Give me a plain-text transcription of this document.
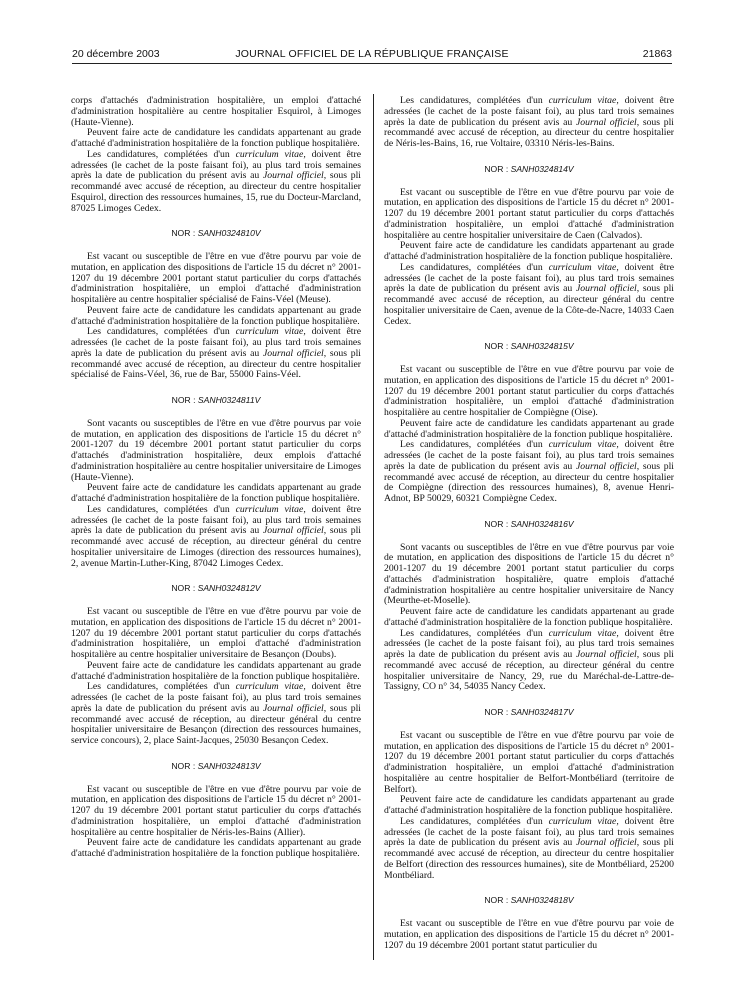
20 décembre 2003	JOURNAL OFFICIEL DE LA RÉPUBLIQUE FRANÇAISE	21863

corps d'attachés d'administration hospitalière, un emploi d'attaché d'administration hospitalière au centre hospitalier Esquirol, à Limoges (Haute-Vienne).

Peuvent faire acte de candidature les candidats appartenant au grade d'attaché d'administration hospitalière de la fonction publique hospitalière.

Les candidatures, complétées d'un curriculum vitae, doivent être adressées (le cachet de la poste faisant foi), au plus tard trois semaines après la date de publication du présent avis au Journal officiel, sous pli recommandé avec accusé de réception, au directeur du centre hospitalier Esquirol, direction des ressources humaines, 15, rue du Docteur-Marcland, 87025 Limoges Cedex.

NOR : SANH0324810V

Est vacant ou susceptible de l'être en vue d'être pourvu par voie de mutation, en application des dispositions de l'article 15 du décret n° 2001-1207 du 19 décembre 2001 portant statut particulier du corps d'attachés d'administration hospitalière, un emploi d'attaché d'administration hospitalière au centre hospitalier spécialisé de Fains-Véel (Meuse).

Peuvent faire acte de candidature les candidats appartenant au grade d'attaché d'administration hospitalière de la fonction publique hospitalière.

Les candidatures, complétées d'un curriculum vitae, doivent être adressées (le cachet de la poste faisant foi), au plus tard trois semaines après la date de publication du présent avis au Journal officiel, sous pli recommandé avec accusé de réception, au directeur du centre hospitalier spécialisé de Fains-Véel, 36, rue de Bar, 55000 Fains-Véel.

NOR : SANH0324811V

Sont vacants ou susceptibles de l'être en vue d'être pourvus par voie de mutation, en application des dispositions de l'article 15 du décret n° 2001-1207 du 19 décembre 2001 portant statut particulier du corps d'attachés d'administration hospitalière, deux emplois d'attaché d'administration hospitalière au centre hospitalier universitaire de Limoges (Haute-Vienne).

Peuvent faire acte de candidature les candidats appartenant au grade d'attaché d'administration hospitalière de la fonction publique hospitalière.

Les candidatures, complétées d'un curriculum vitae, doivent être adressées (le cachet de la poste faisant foi), au plus tard trois semaines après la date de publication du présent avis au Journal officiel, sous pli recommandé avec accusé de réception, au directeur général du centre hospitalier universitaire de Limoges (direction des ressources humaines), 2, avenue Martin-Luther-King, 87042 Limoges Cedex.

NOR : SANH0324812V

Est vacant ou susceptible de l'être en vue d'être pourvu par voie de mutation, en application des dispositions de l'article 15 du décret n° 2001-1207 du 19 décembre 2001 portant statut particulier du corps d'attachés d'administration hospitalière, un emploi d'attaché d'administration hospitalière au centre hospitalier universitaire de Besançon (Doubs).

Peuvent faire acte de candidature les candidats appartenant au grade d'attaché d'administration hospitalière de la fonction publique hospitalière.

Les candidatures, complétées d'un curriculum vitae, doivent être adressées (le cachet de la poste faisant foi), au plus tard trois semaines après la date de publication du présent avis au Journal officiel, sous pli recommandé avec accusé de réception, au directeur général du centre hospitalier universitaire de Besançon (direction des ressources humaines, service concours), 2, place Saint-Jacques, 25030 Besançon Cedex.

NOR : SANH0324813V

Est vacant ou susceptible de l'être en vue d'être pourvu par voie de mutation, en application des dispositions de l'article 15 du décret n° 2001-1207 du 19 décembre 2001 portant statut particulier du corps d'attachés d'administration hospitalière, un emploi d'attaché d'administration hospitalière au centre hospitalier de Néris-les-Bains (Allier).

Peuvent faire acte de candidature les candidats appartenant au grade d'attaché d'administration hospitalière de la fonction publique hospitalière.

Les candidatures, complétées d'un curriculum vitae, doivent être adressées (le cachet de la poste faisant foi), au plus tard trois semaines après la date de publication du présent avis au Journal officiel, sous pli recommandé avec accusé de réception, au directeur du centre hospitalier de Néris-les-Bains, 16, rue Voltaire, 03310 Néris-les-Bains.

NOR : SANH0324814V

Est vacant ou susceptible de l'être en vue d'être pourvu par voie de mutation, en application des dispositions de l'article 15 du décret n° 2001-1207 du 19 décembre 2001 portant statut particulier du corps d'attachés d'administration hospitalière, un emploi d'attaché d'administration hospitalière au centre hospitalier universitaire de Caen (Calvados).

Peuvent faire acte de candidature les candidats appartenant au grade d'attaché d'administration hospitalière de la fonction publique hospitalière.

Les candidatures, complétées d'un curriculum vitae, doivent être adressées (le cachet de la poste faisant foi), au plus tard trois semaines après la date de publication du présent avis au Journal officiel, sous pli recommandé avec accusé de réception, au directeur général du centre hospitalier universitaire de Caen, avenue de la Côte-de-Nacre, 14033 Caen Cedex.

NOR : SANH0324815V

Est vacant ou susceptible de l'être en vue d'être pourvu par voie de mutation, en application des dispositions de l'article 15 du décret n° 2001-1207 du 19 décembre 2001 portant statut particulier du corps d'attachés d'administration hospitalière, un emploi d'attaché d'administration hospitalière au centre hospitalier de Compiègne (Oise).

Peuvent faire acte de candidature les candidats appartenant au grade d'attaché d'administration hospitalière de la fonction publique hospitalière.

Les candidatures, complétées d'un curriculum vitae, doivent être adressées (le cachet de la poste faisant foi), au plus tard trois semaines après la date de publication du présent avis au Journal officiel, sous pli recommandé avec accusé de réception, au directeur du centre hospitalier de Compiègne (direction des ressources humaines), 8, avenue Henri-Adnot, BP 50029, 60321 Compiègne Cedex.

NOR : SANH0324816V

Sont vacants ou susceptibles de l'être en vue d'être pourvus par voie de mutation, en application des dispositions de l'article 15 du décret n° 2001-1207 du 19 décembre 2001 portant statut particulier du corps d'attachés d'administration hospitalière, quatre emplois d'attaché d'administration hospitalière au centre hospitalier universitaire de Nancy (Meurthe-et-Moselle).

Peuvent faire acte de candidature les candidats appartenant au grade d'attaché d'administration hospitalière de la fonction publique hospitalière.

Les candidatures, complétées d'un curriculum vitae, doivent être adressées (le cachet de la poste faisant foi), au plus tard trois semaines après la date de publication du présent avis au Journal officiel, sous pli recommandé avec accusé de réception, au directeur général du centre hospitalier universitaire de Nancy, 29, rue du Maréchal-de-Lattre-de-Tassigny, CO n° 34, 54035 Nancy Cedex.

NOR : SANH0324817V

Est vacant ou susceptible de l'être en vue d'être pourvu par voie de mutation, en application des dispositions de l'article 15 du décret n° 2001-1207 du 19 décembre 2001 portant statut particulier du corps d'attachés d'administration hospitalière, un emploi d'attaché d'administration hospitalière au centre hospitalier de Belfort-Montbéliard (territoire de Belfort).

Peuvent faire acte de candidature les candidats appartenant au grade d'attaché d'administration hospitalière de la fonction publique hospitalière.

Les candidatures, complétées d'un curriculum vitae, doivent être adressées (le cachet de la poste faisant foi), au plus tard trois semaines après la date de publication du présent avis au Journal officiel, sous pli recommandé avec accusé de réception, au directeur du centre hospitalier de Belfort (direction des ressources humaines), site de Montbéliard, 25200 Montbéliard.

NOR : SANH0324818V

Est vacant ou susceptible de l'être en vue d'être pourvu par voie de mutation, en application des dispositions de l'article 15 du décret n° 2001-1207 du 19 décembre 2001 portant statut particulier du
